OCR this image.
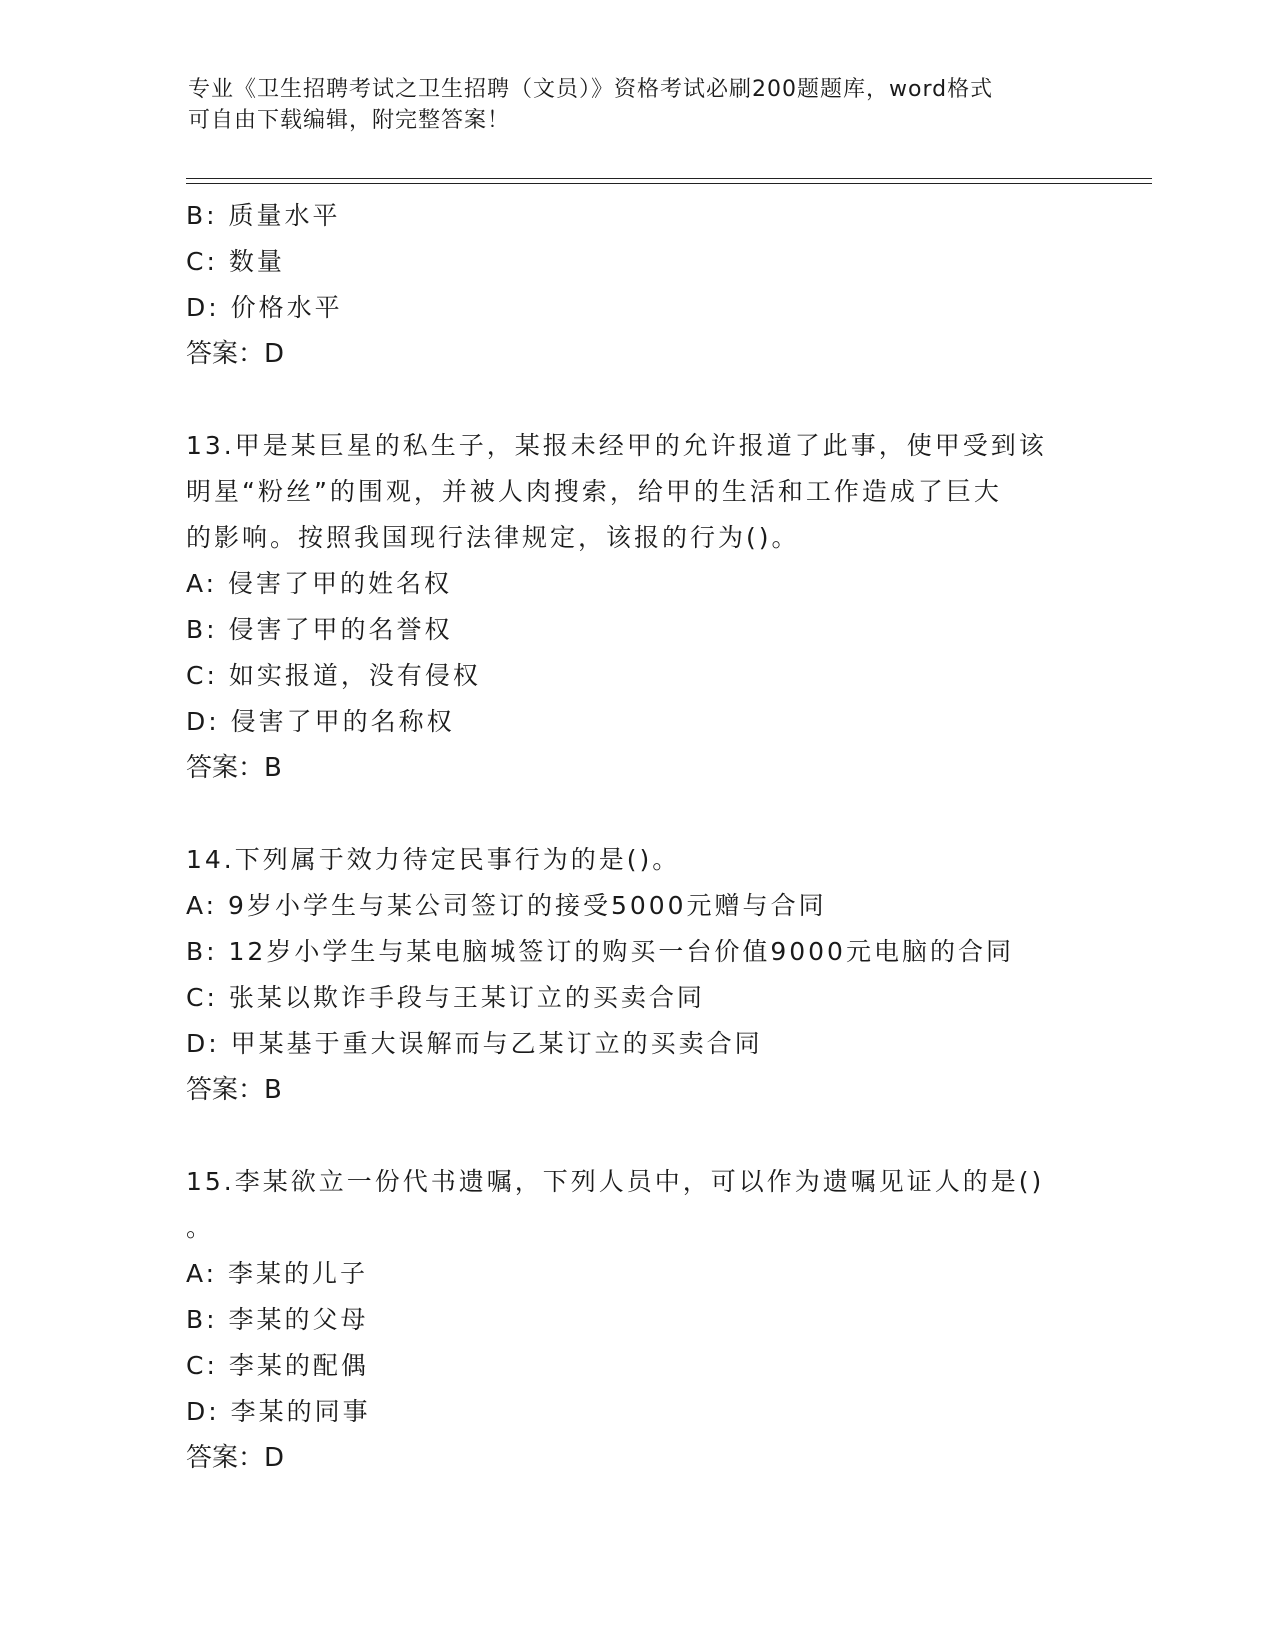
专业《卫生招聘考试之卫生招聘（文员）》资格考试必刷200题题库，word格式
可自由下载编辑，附完整答案！
B: 质量水平
C: 数量
D: 价格水平
答案：D
13.甲是某巨星的私生子，某报未经甲的允许报道了此事，使甲受到该
明星“粉丝”的围观，并被人肉搜索，给甲的生活和工作造成了巨大
的影响。按照我国现行法律规定，该报的行为()。
A: 侵害了甲的姓名权
B: 侵害了甲的名誉权
C: 如实报道，没有侵权
D: 侵害了甲的名称权
答案：B
14.下列属于效力待定民事行为的是()。
A: 9岁小学生与某公司签订的接受5000元赠与合同
B: 12岁小学生与某电脑城签订的购买一台价值9000元电脑的合同
C: 张某以欺诈手段与王某订立的买卖合同
D: 甲某基于重大误解而与乙某订立的买卖合同
答案：B
15.李某欲立一份代书遗嘱，下列人员中，可以作为遗嘱见证人的是()
。
A: 李某的儿子
B: 李某的父母
C: 李某的配偶
D: 李某的同事
答案：D
